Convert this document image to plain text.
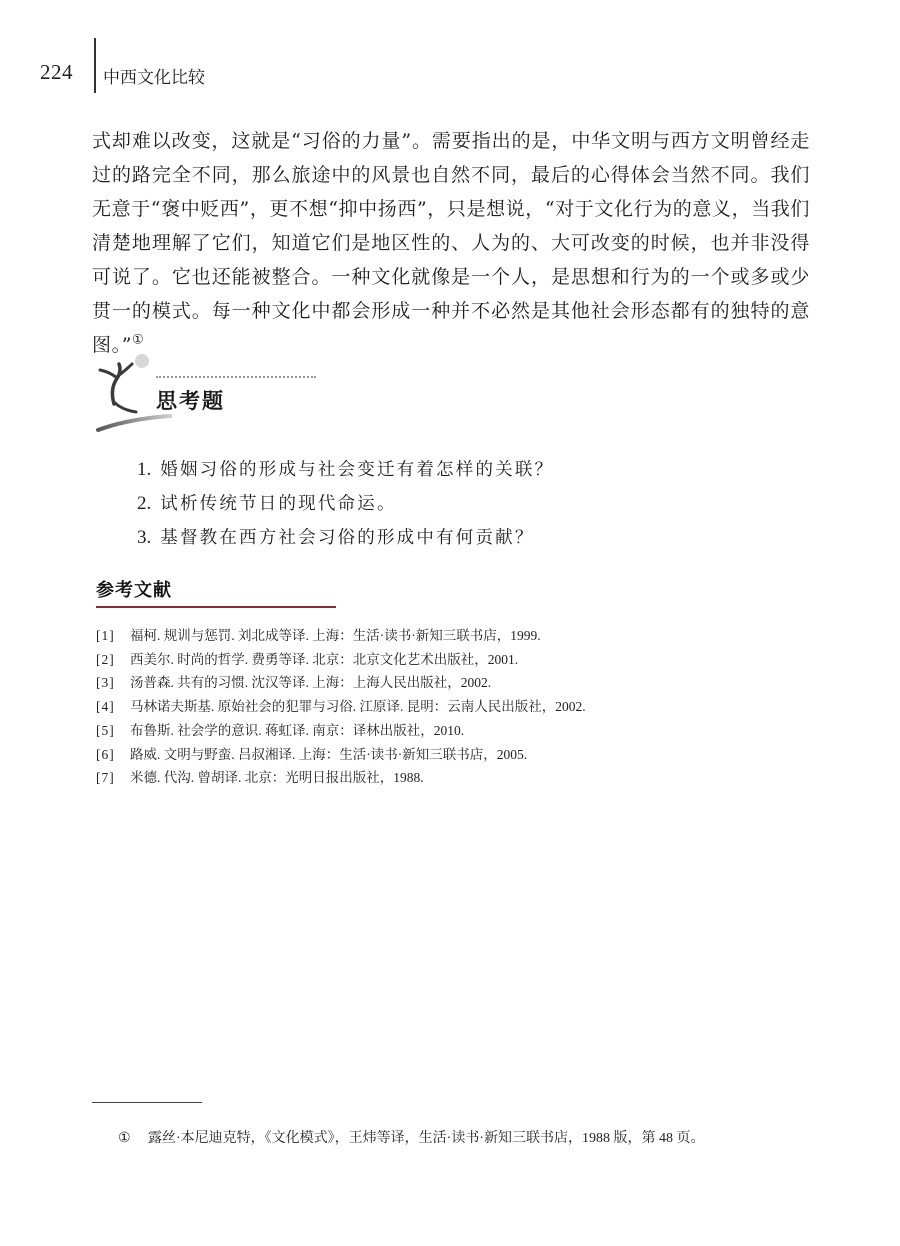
224 中西文化比较

式却难以改变，这就是“习俗的力量”。需要指出的是，中华文明与西方文明曾经走过的路完全不同，那么旅途中的风景也自然不同，最后的心得体会当然不同。我们无意于“褒中贬西”，更不想“抑中扬西”，只是想说，“对于文化行为的意义，当我们清楚地理解了它们，知道它们是地区性的、人为的、大可改变的时候，也并非没得可说了。它也还能被整合。一种文化就像是一个人，是思想和行为的一个或多或少贯一的模式。每一种文化中都会形成一种并不必然是其他社会形态都有的独特的意图。”①

思考题
1. 婚姻习俗的形成与社会变迁有着怎样的关联？
2. 试析传统节日的现代命运。
3. 基督教在西方社会习俗的形成中有何贡献？
参考文献
[1] 福柯. 规训与惩罚. 刘北成等译. 上海：生活·读书·新知三联书店，1999.
[2] 西美尔. 时尚的哲学. 费勇等译. 北京：北京文化艺术出版社，2001.
[3] 汤普森. 共有的习惯. 沈汉等译. 上海：上海人民出版社，2002.
[4] 马林诺夫斯基. 原始社会的犯罪与习俗. 江原译. 昆明：云南人民出版社，2002.
[5] 布鲁斯. 社会学的意识. 蒋虹译. 南京：译林出版社，2010.
[6] 路威. 文明与野蛮. 吕叔湘译. 上海：生活·读书·新知三联书店，2005.
[7] 米德. 代沟. 曾胡译. 北京：光明日报出版社，1988.
① 露丝·本尼迪克特，《文化模式》，王炜等译，生活·读书·新知三联书店，1988 版，第 48 页。
